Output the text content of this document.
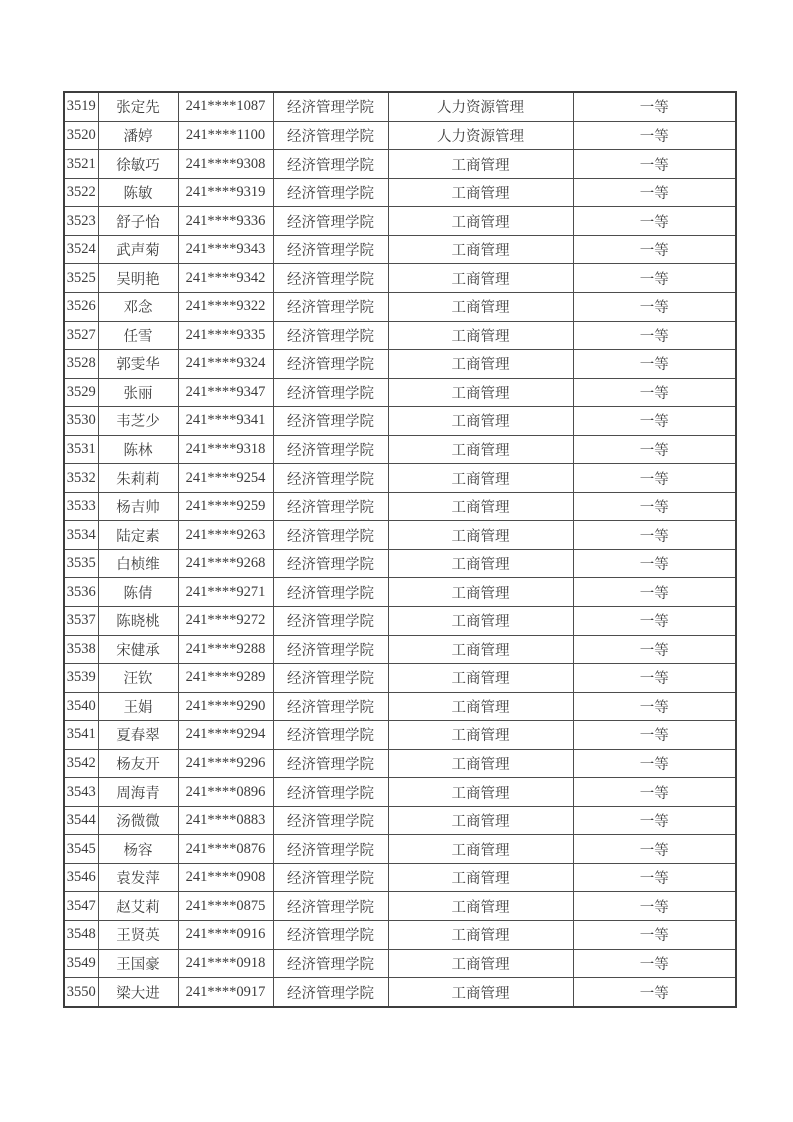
3519	张定先	241****1087	经济管理学院	人力资源管理	一等
3520	潘婷	241****1100	经济管理学院	人力资源管理	一等
3521	徐敏巧	241****9308	经济管理学院	工商管理	一等
3522	陈敏	241****9319	经济管理学院	工商管理	一等
3523	舒子怡	241****9336	经济管理学院	工商管理	一等
3524	武声菊	241****9343	经济管理学院	工商管理	一等
3525	吴明艳	241****9342	经济管理学院	工商管理	一等
3526	邓念	241****9322	经济管理学院	工商管理	一等
3527	任雪	241****9335	经济管理学院	工商管理	一等
3528	郭雯华	241****9324	经济管理学院	工商管理	一等
3529	张丽	241****9347	经济管理学院	工商管理	一等
3530	韦芝少	241****9341	经济管理学院	工商管理	一等
3531	陈林	241****9318	经济管理学院	工商管理	一等
3532	朱莉莉	241****9254	经济管理学院	工商管理	一等
3533	杨吉帅	241****9259	经济管理学院	工商管理	一等
3534	陆定素	241****9263	经济管理学院	工商管理	一等
3535	白桢维	241****9268	经济管理学院	工商管理	一等
3536	陈倩	241****9271	经济管理学院	工商管理	一等
3537	陈晓桃	241****9272	经济管理学院	工商管理	一等
3538	宋健承	241****9288	经济管理学院	工商管理	一等
3539	汪钦	241****9289	经济管理学院	工商管理	一等
3540	王娟	241****9290	经济管理学院	工商管理	一等
3541	夏春翠	241****9294	经济管理学院	工商管理	一等
3542	杨友开	241****9296	经济管理学院	工商管理	一等
3543	周海青	241****0896	经济管理学院	工商管理	一等
3544	汤微微	241****0883	经济管理学院	工商管理	一等
3545	杨容	241****0876	经济管理学院	工商管理	一等
3546	袁发萍	241****0908	经济管理学院	工商管理	一等
3547	赵艾莉	241****0875	经济管理学院	工商管理	一等
3548	王贤英	241****0916	经济管理学院	工商管理	一等
3549	王国豪	241****0918	经济管理学院	工商管理	一等
3550	梁大进	241****0917	经济管理学院	工商管理	一等
